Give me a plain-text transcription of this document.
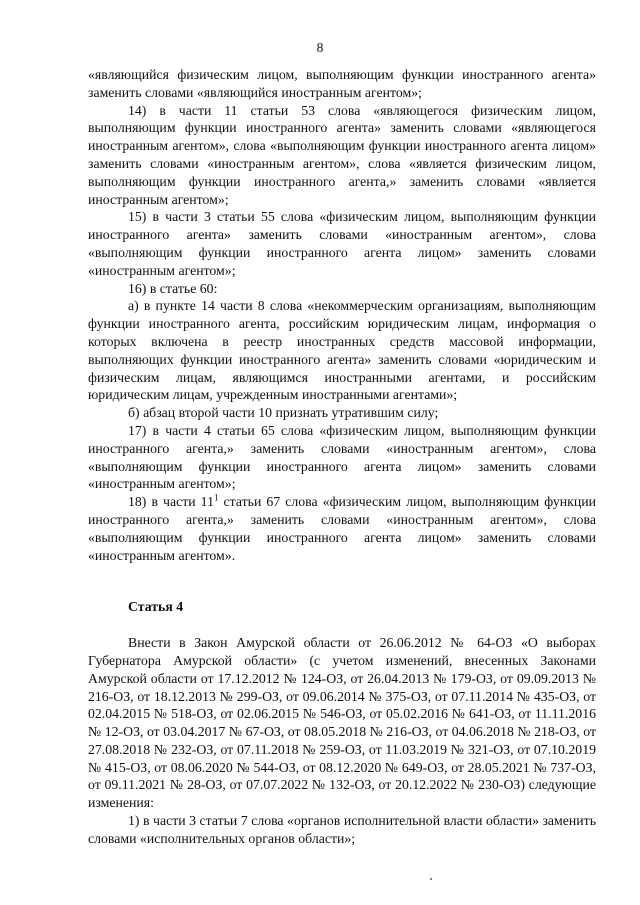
8

«являющийся физическим лицом, выполняющим функции иностранного агента» заменить словами «являющийся иностранным агентом»;

14) в части 11 статьи 53 слова «являющегося физическим лицом, выполняющим функции иностранного агента» заменить словами «являющегося иностранным агентом», слова «выполняющим функции иностранного агента лицом» заменить словами «иностранным агентом», слова «является физическим лицом, выполняющим функции иностранного агента,» заменить словами «является иностранным агентом»;

15) в части 3 статьи 55 слова «физическим лицом, выполняющим функции иностранного агента» заменить словами «иностранным агентом», слова «выполняющим функции иностранного агента лицом» заменить словами «иностранным агентом»;

16) в статье 60:

а) в пункте 14 части 8 слова «некоммерческим организациям, выполняющим функции иностранного агента, российским юридическим лицам, информация о которых включена в реестр иностранных средств массовой информации, выполняющих функции иностранного агента» заменить словами «юридическим и физическим лицам, являющимся иностранными агентами, и российским юридическим лицам, учрежденным иностранными агентами»;

б) абзац второй части 10 признать утратившим силу;

17) в части 4 статьи 65 слова «физическим лицом, выполняющим функции иностранного агента,» заменить словами «иностранным агентом», слова «выполняющим функции иностранного агента лицом» заменить словами «иностранным агентом»;

18) в части $11^1$ статьи 67 слова «физическим лицом, выполняющим функции иностранного агента,» заменить словами «иностранным агентом», слова «выполняющим функции иностранного агента лицом» заменить словами «иностранным агентом».

Статья 4

Внести в Закон Амурской области от 26.06.2012 № 64-ОЗ «О выборах Губернатора Амурской области» (с учетом изменений, внесенных Законами Амурской области от 17.12.2012 № 124-ОЗ, от 26.04.2013 № 179-ОЗ, от 09.09.2013 № 216-ОЗ, от 18.12.2013 № 299-ОЗ, от 09.06.2014 № 375-ОЗ, от 07.11.2014 № 435-ОЗ, от 02.04.2015 № 518-ОЗ, от 02.06.2015 № 546-ОЗ, от 05.02.2016 № 641-ОЗ, от 11.11.2016 № 12-ОЗ, от 03.04.2017 № 67-ОЗ, от 08.05.2018 № 216-ОЗ, от 04.06.2018 № 218-ОЗ, от 27.08.2018 № 232-ОЗ, от 07.11.2018 № 259-ОЗ, от 11.03.2019 № 321-ОЗ, от 07.10.2019 № 415-ОЗ, от 08.06.2020 № 544-ОЗ, от 08.12.2020 № 649-ОЗ, от 28.05.2021 № 737-ОЗ, от 09.11.2021 № 28-ОЗ, от 07.07.2022 № 132-ОЗ, от 20.12.2022 № 230-ОЗ) следующие изменения:

1) в части 3 статьи 7 слова «органов исполнительной власти области» заменить словами «исполнительных органов области»;
